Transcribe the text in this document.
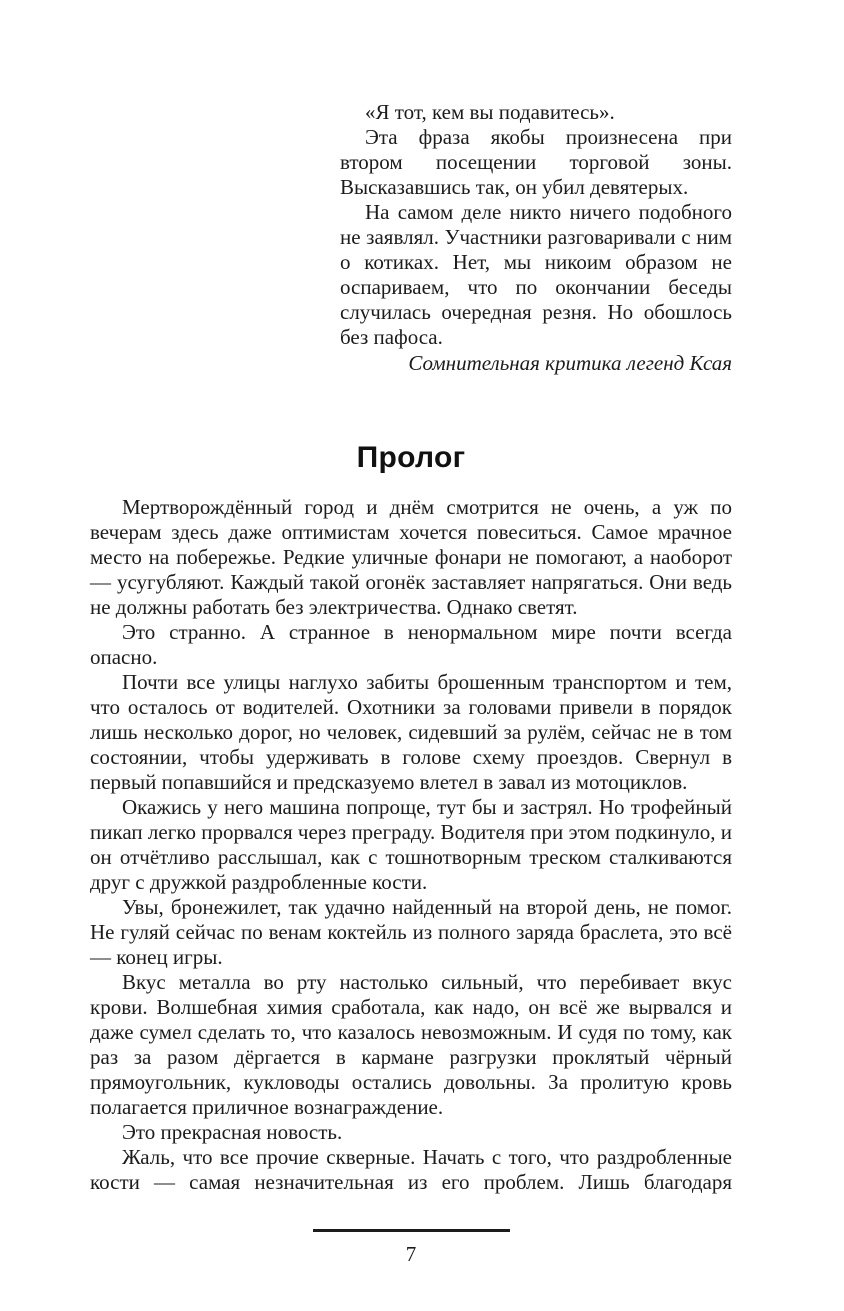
«Я тот, кем вы подавитесь».

Эта фраза якобы произнесена при втором посещении торговой зоны. Высказавшись так, он убил девятерых.

На самом деле никто ничего подобного не заявлял. Участники разговаривали с ним о котиках. Нет, мы никоим образом не оспариваем, что по окончании беседы случилась очередная резня. Но обошлось без пафоса.

Сомнительная критика легенд Ксая

Пролог

Мертворождённый город и днём смотрится не очень, а уж по вечерам здесь даже оптимистам хочется повеситься. Самое мрачное место на побережье. Редкие уличные фонари не помогают, а наоборот — усугубляют. Каждый такой огонёк заставляет напрягаться. Они ведь не должны работать без электричества. Однако светят.

Это странно. А странное в ненормальном мире почти всегда опасно.

Почти все улицы наглухо забиты брошенным транспортом и тем, что осталось от водителей. Охотники за головами привели в порядок лишь несколько дорог, но человек, сидевший за рулём, сейчас не в том состоянии, чтобы удерживать в голове схему проездов. Свернул в первый попавшийся и предсказуемо влетел в завал из мотоциклов.

Окажись у него машина попроще, тут бы и застрял. Но трофейный пикап легко прорвался через преграду. Водителя при этом подкинуло, и он отчётливо расслышал, как с тошнотворным треском сталкиваются друг с дружкой раздробленные кости.

Увы, бронежилет, так удачно найденный на второй день, не помог. Не гуляй сейчас по венам коктейль из полного заряда браслета, это всё — конец игры.

Вкус металла во рту настолько сильный, что перебивает вкус крови. Волшебная химия сработала, как надо, он всё же вырвался и даже сумел сделать то, что казалось невозможным. И судя по тому, как раз за разом дёргается в кармане разгрузки проклятый чёрный прямоугольник, кукловоды остались довольны. За пролитую кровь полагается приличное вознаграждение.

Это прекрасная новость.

Жаль, что все прочие скверные. Начать с того, что раздробленные кости — самая незначительная из его проблем. Лишь благодаря

7
